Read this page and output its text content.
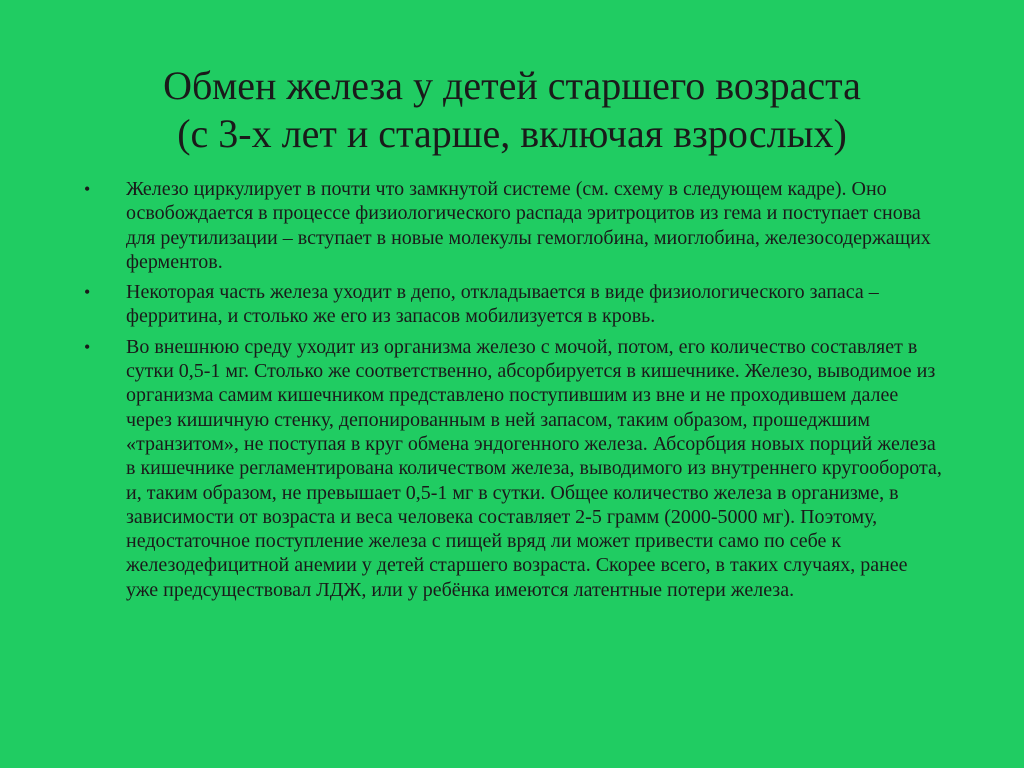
Обмен железа у детей старшего возраста
(с 3-х лет и старше, включая взрослых)
•	Железо циркулирует в почти что замкнутой системе (см. схему в следующем кадре). Оно освобождается в процессе физиологического распада эритроцитов из гема и поступает снова для реутилизации – вступает в новые молекулы гемоглобина, миоглобина, железосодержащих ферментов.
•	Некоторая часть железа уходит в депо, откладывается в виде физиологического запаса – ферритина, и столько же его из запасов мобилизуется в кровь.
•	Во внешнюю среду уходит из организма железо с мочой, потом, его количество составляет в сутки 0,5-1 мг. Столько же соответственно, абсорбируется в кишечнике. Железо, выводимое из организма самим кишечником представлено поступившим из вне и не проходившем далее через кишичную стенку, депонированным в ней запасом, таким образом, прошеджшим «транзитом», не поступая в круг обмена эндогенного железа. Абсорбция новых порций железа в кишечнике регламентирована количеством железа, выводимого из внутреннего кругооборота, и, таким образом, не превышает 0,5-1 мг в сутки. Общее количество железа в организме, в зависимости от возраста и веса человека составляет 2-5 грамм (2000-5000 мг). Поэтому, недостаточное поступление железа с пищей вряд ли может привести само по себе к железодефицитной анемии у детей старшего возраста. Скорее всего, в таких случаях, ранее уже предсуществовал ЛДЖ, или у ребёнка имеются латентные потери железа.
